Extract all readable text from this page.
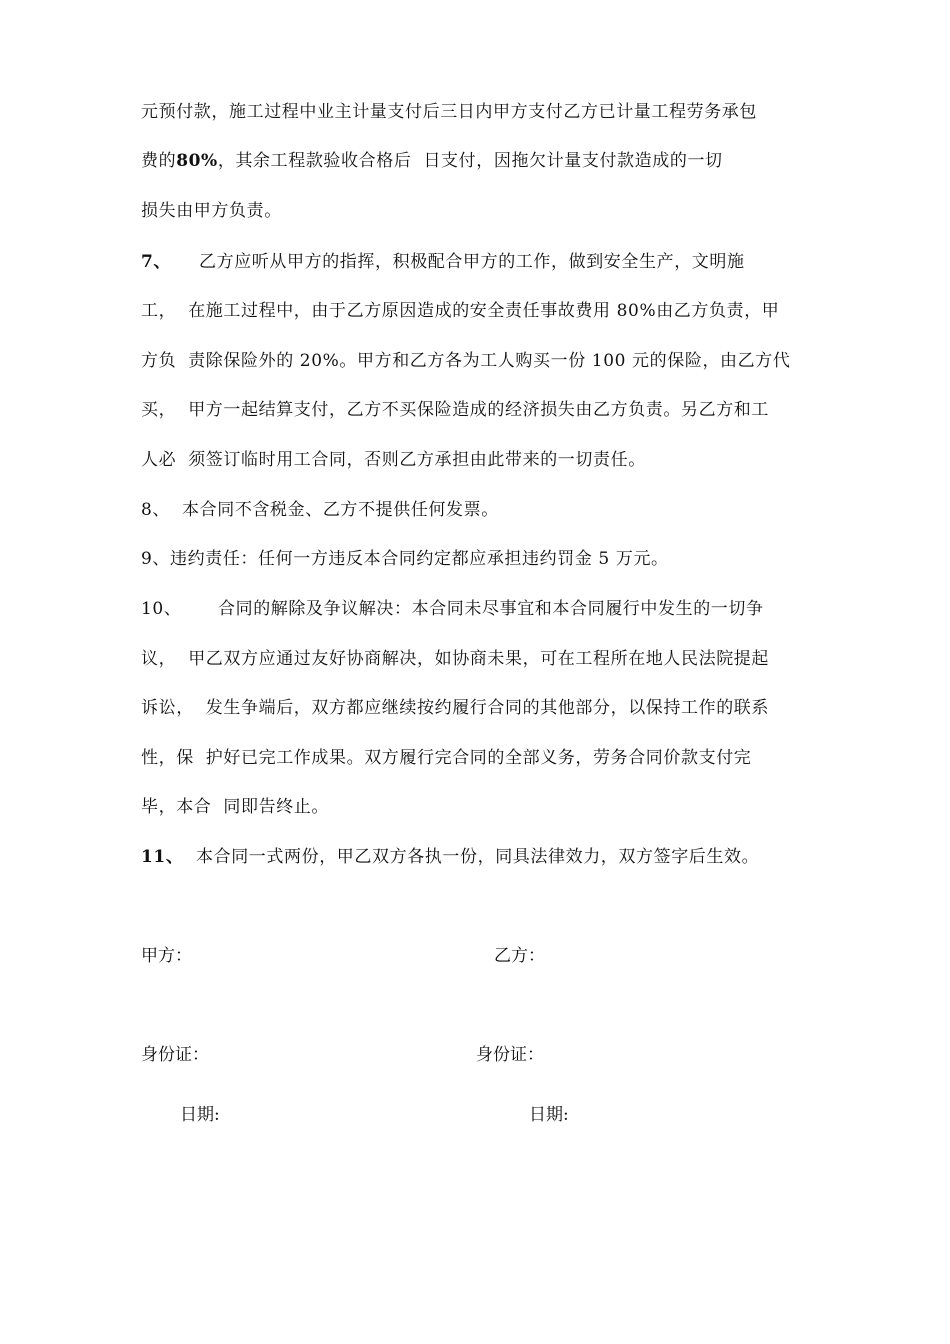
元预付款，施工过程中业主计量支付后三日内甲方支付乙方已计量工程劳务承包
费的80%，其余工程款验收合格后  日支付，因拖欠计量支付款造成的一切
损失由甲方负责。
7、 乙方应听从甲方的指挥，积极配合甲方的工作，做到安全生产，文明施
工，  在施工过程中，由于乙方原因造成的安全责任事故费用 80%由乙方负责，甲
方负  责除保险外的 20%。甲方和乙方各为工人购买一份 100 元的保险，由乙方代
买，  甲方一起结算支付，乙方不买保险造成的经济损失由乙方负责。另乙方和工
人必  须签订临时用工合同，否则乙方承担由此带来的一切责任。
8、  本合同不含税金、乙方不提供任何发票。
9、违约责任：任何一方违反本合同约定都应承担违约罚金 5 万元。
10、 合同的解除及争议解决：本合同未尽事宜和本合同履行中发生的一切争
议，  甲乙双方应通过友好协商解决，如协商未果，可在工程所在地人民法院提起
诉讼，  发生争端后，双方都应继续按约履行合同的其他部分，以保持工作的联系
性，保  护好已完工作成果。双方履行完合同的全部义务，劳务合同价款支付完
毕，本合  同即告终止。
11、 本合同一式两份，甲乙双方各执一份，同具法律效力，双方签字后生效。
甲方：	乙方：
身份证：	身份证：
日期:	日期:
